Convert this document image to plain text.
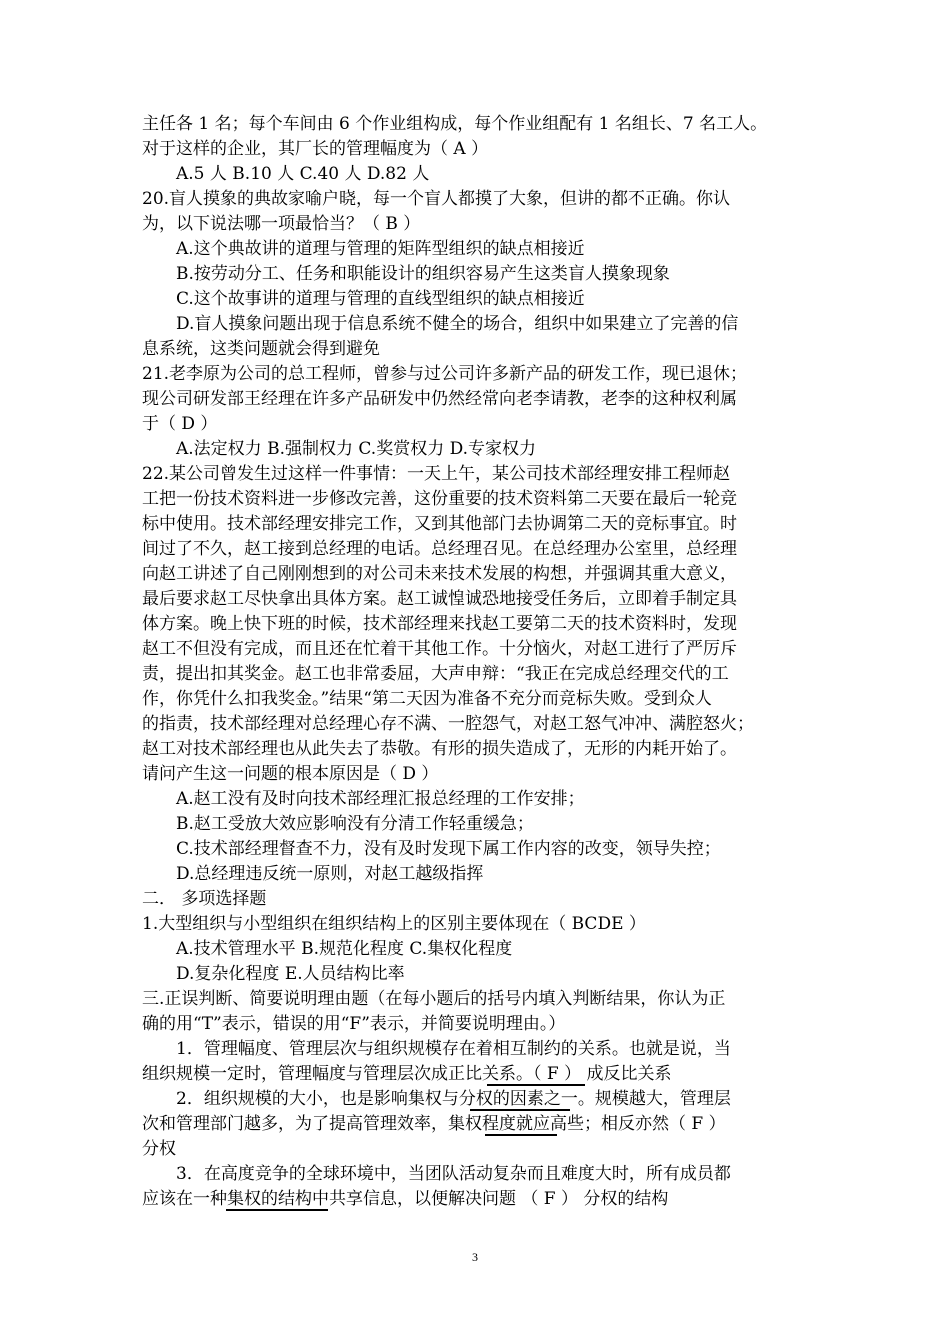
主任各 1 名；每个车间由 6 个作业组构成，每个作业组配有 1 名组长、7 名工人。
对于这样的企业，其厂长的管理幅度为（ A ）
A.5 人 B.10 人 C.40 人 D.82 人
20.盲人摸象的典故家喻户晓，每一个盲人都摸了大象，但讲的都不正确。你认
为，以下说法哪一项最恰当？（ B ）
A.这个典故讲的道理与管理的矩阵型组织的缺点相接近
B.按劳动分工、任务和职能设计的组织容易产生这类盲人摸象现象
C.这个故事讲的道理与管理的直线型组织的缺点相接近
D.盲人摸象问题出现于信息系统不健全的场合，组织中如果建立了完善的信
息系统，这类问题就会得到避免
21.老李原为公司的总工程师，曾参与过公司许多新产品的研发工作，现已退休；
现公司研发部王经理在许多产品研发中仍然经常向老李请教，老李的这种权利属
于（ D ）
A.法定权力 B.强制权力 C.奖赏权力 D.专家权力
22.某公司曾发生过这样一件事情：一天上午，某公司技术部经理安排工程师赵
工把一份技术资料进一步修改完善，这份重要的技术资料第二天要在最后一轮竞
标中使用。技术部经理安排完工作，又到其他部门去协调第二天的竞标事宜。时
间过了不久，赵工接到总经理的电话。总经理召见。在总经理办公室里，总经理
向赵工讲述了自己刚刚想到的对公司未来技术发展的构想，并强调其重大意义，
最后要求赵工尽快拿出具体方案。赵工诚惶诚恐地接受任务后，立即着手制定具
体方案。晚上快下班的时候，技术部经理来找赵工要第二天的技术资料时，发现
赵工不但没有完成，而且还在忙着干其他工作。十分恼火，对赵工进行了严厉斥
责，提出扣其奖金。赵工也非常委屈，大声申辩：“我正在完成总经理交代的工
作，你凭什么扣我奖金。”结果“第二天因为准备不充分而竞标失败。受到众人
的指责，技术部经理对总经理心存不满、一腔怨气，对赵工怒气冲冲、满腔怒火；
赵工对技术部经理也从此失去了恭敬。有形的损失造成了，无形的内耗开始了。
请问产生这一问题的根本原因是（ D ）
A.赵工没有及时向技术部经理汇报总经理的工作安排；
B.赵工受放大效应影响没有分清工作轻重缓急；
C.技术部经理督查不力，没有及时发现下属工作内容的改变，领导失控；
D.总经理违反统一原则，对赵工越级指挥
二． 多项选择题
1.大型组织与小型组织在组织结构上的区别主要体现在（ BCDE ）
A.技术管理水平 B.规范化程度 C.集权化程度
D.复杂化程度 E.人员结构比率
三.正误判断、简要说明理由题（在每小题后的括号内填入判断结果，你认为正
确的用“T”表示，错误的用“F”表示，并简要说明理由。）
1．管理幅度、管理层次与组织规模存在着相互制约的关系。也就是说，当
组织规模一定时，管理幅度与管理层次成正比关系。（ F ） 成反比关系
2．组织规模的大小，也是影响集权与分权的因素之一。规模越大，管理层
次和管理部门越多，为了提高管理效率，集权程度就应高些；相反亦然（ F ）
分权
3．在高度竞争的全球环境中，当团队活动复杂而且难度大时，所有成员都
应该在一种集权的结构中共享信息，以便解决问题 （ F ） 分权的结构
3
